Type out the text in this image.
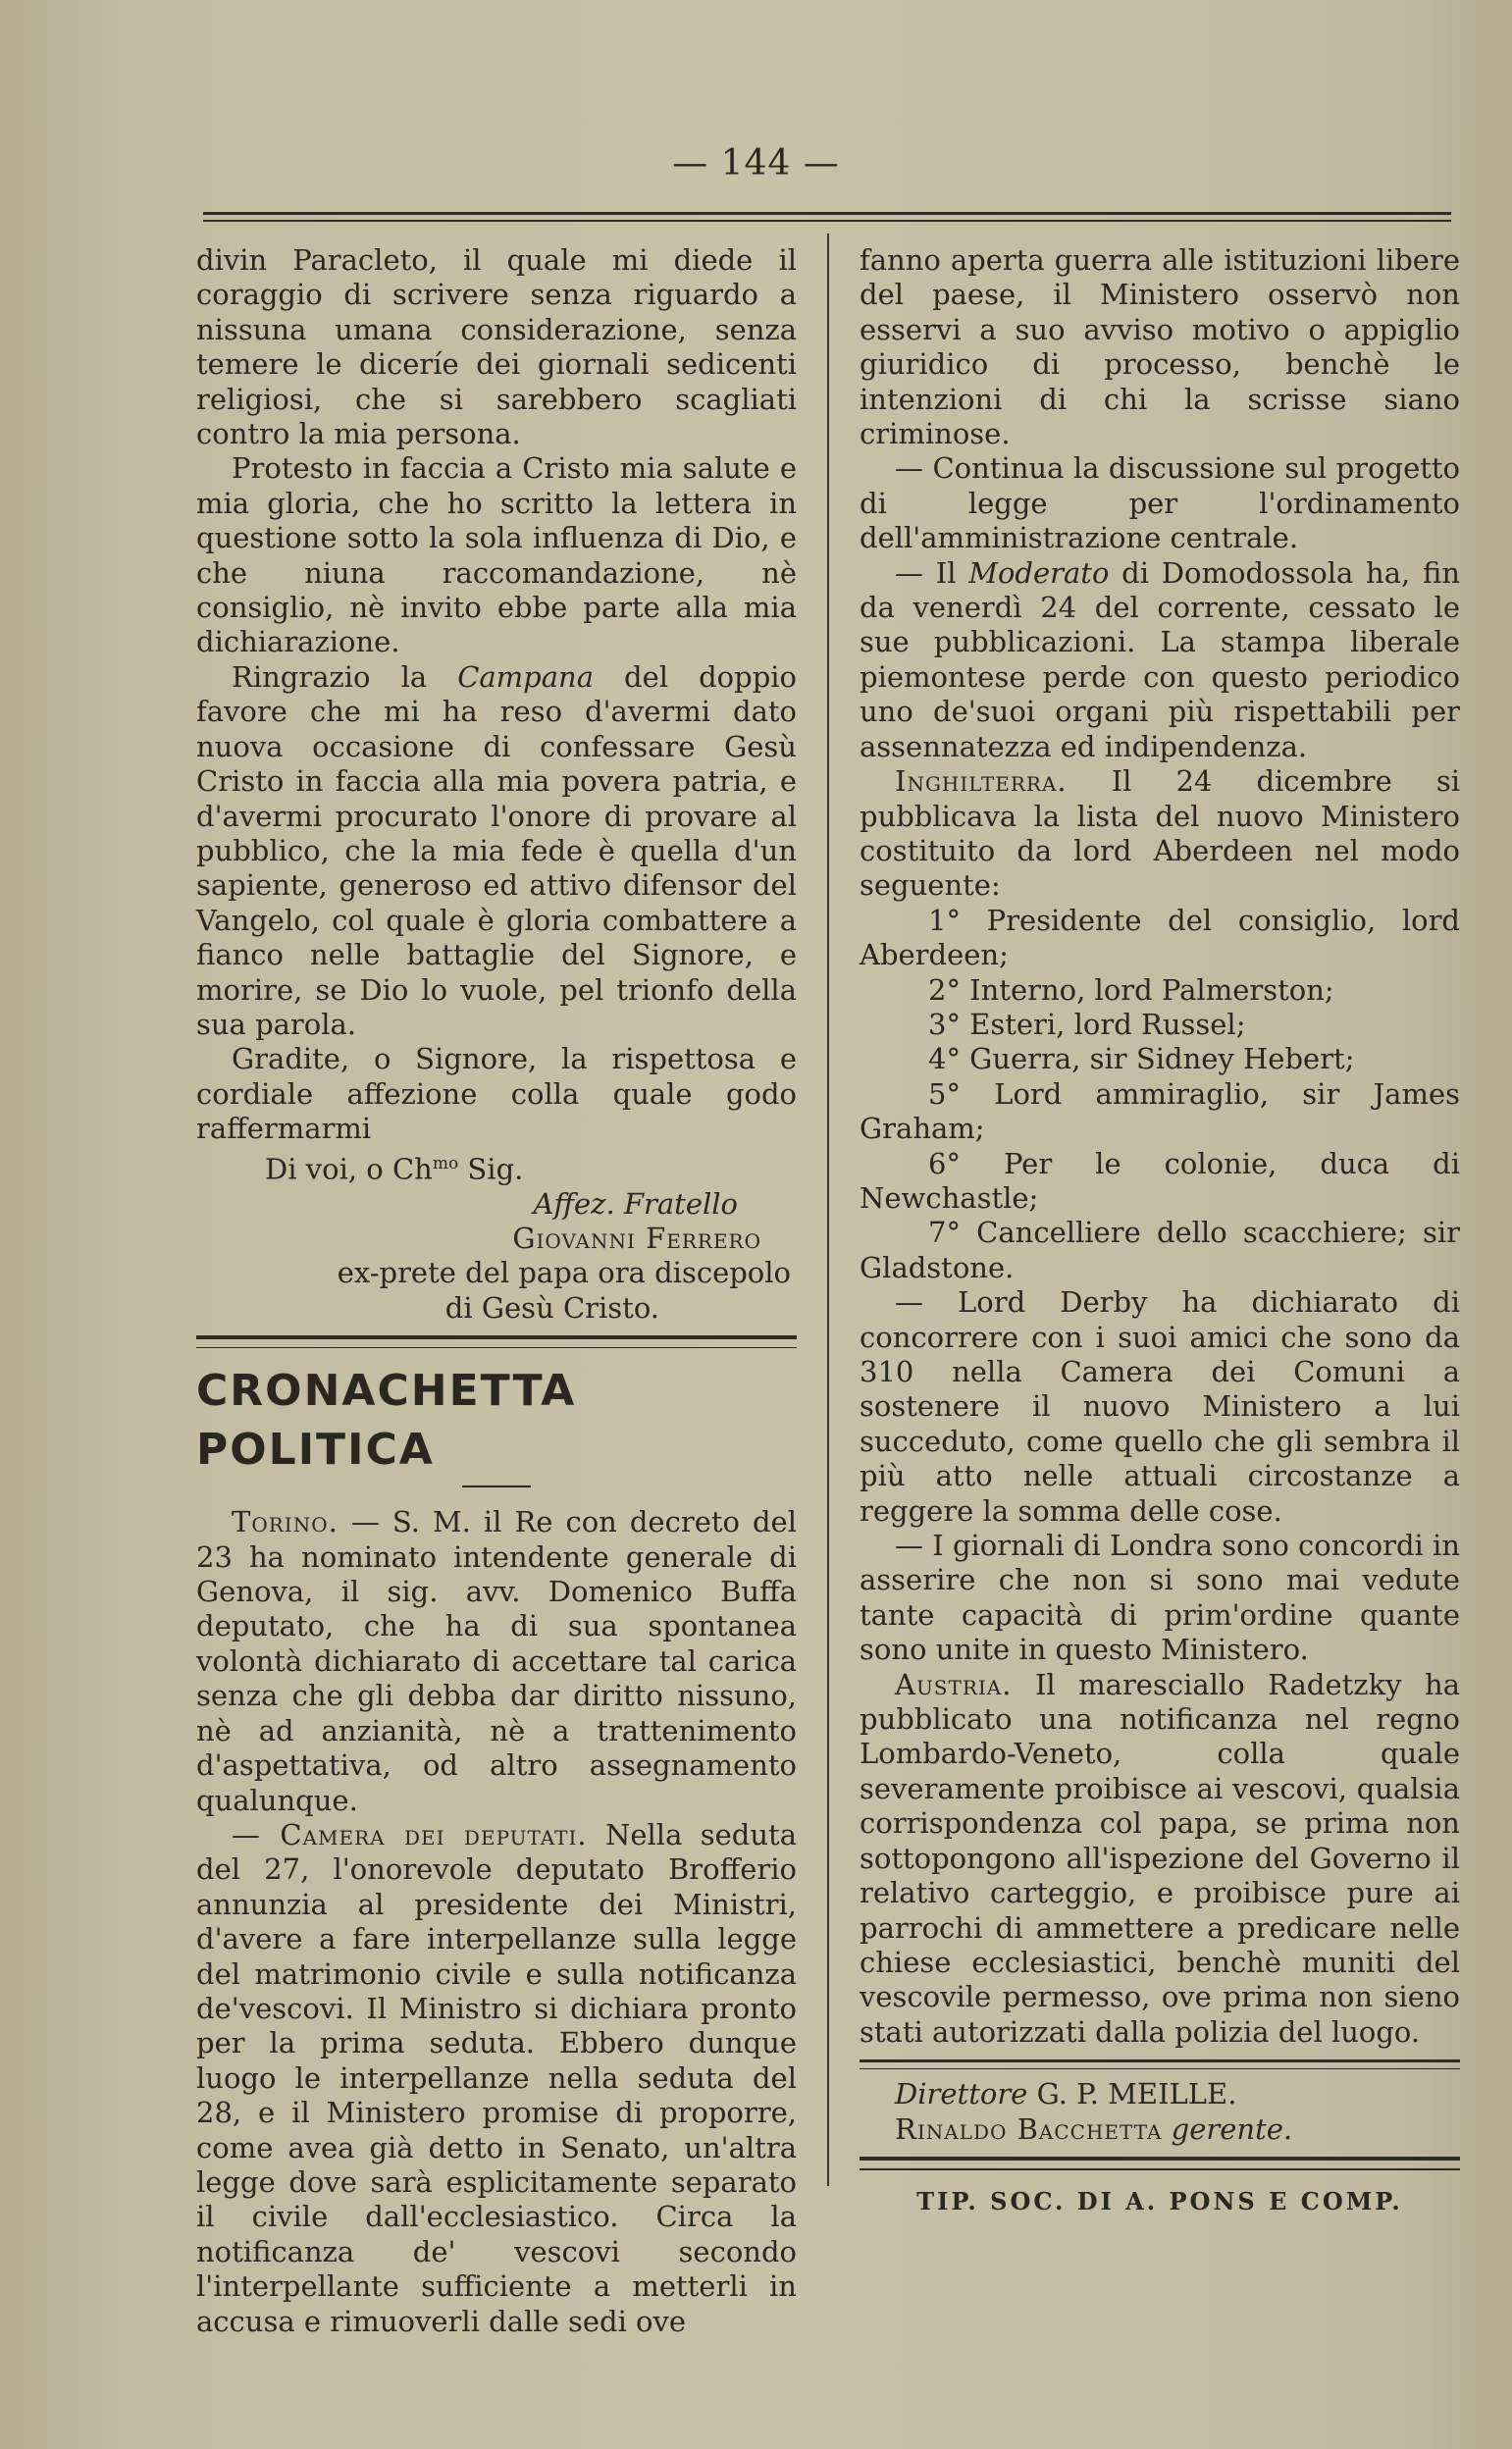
— 144 —

divin Paracleto, il quale mi diede il coraggio di scrivere senza riguardo a nissuna umana considerazione, senza temere le diceríe dei giornali sedicenti religiosi, che si sarebbero scagliati contro la mia persona.

Protesto in faccia a Cristo mia salute e mia gloria, che ho scritto la lettera in questione sotto la sola influenza di Dio, e che niuna raccomandazione, nè consiglio, nè invito ebbe parte alla mia dichiarazione.

Ringrazio la Campana del doppio favore che mi ha reso d'avermi dato nuova occasione di confessare Gesù Cristo in faccia alla mia povera patria, e d'avermi procurato l'onore di provare al pubblico, che la mia fede è quella d'un sapiente, generoso ed attivo difensor del Vangelo, col quale è gloria combattere a fianco nelle battaglie del Signore, e morire, se Dio lo vuole, pel trionfo della sua parola.

Gradite, o Signore, la rispettosa e cordiale affezione colla quale godo raffermarmi

Di voi, o $Ch^{mo}$ Sig.

Affez. Fratello

Giovanni Ferrero

ex-prete del papa ora discepolo

di Gesù Cristo.

CRONACHETTA POLITICA

Torino. — S. M. il Re con decreto del 23 ha nominato intendente generale di Genova, il sig. avv. Domenico Buffa deputato, che ha di sua spontanea volontà dichiarato di accettare tal carica senza che gli debba dar diritto nissuno, nè ad anzianità, nè a trattenimento d'aspettativa, od altro assegnamento qualunque.

— Camera dei deputati. Nella seduta del 27, l'onorevole deputato Brofferio annunzia al presidente dei Ministri, d'avere a fare interpellanze sulla legge del matrimonio civile e sulla notificanza de'vescovi. Il Ministro si dichiara pronto per la prima seduta. Ebbero dunque luogo le interpellanze nella seduta del 28, e il Ministero promise di proporre, come avea già detto in Senato, un'altra legge dove sarà esplicitamente separato il civile dall'ecclesiastico. Circa la notificanza de' vescovi secondo l'interpellante sufficiente a metterli in accusa e rimuoverli dalle sedi ove

fanno aperta guerra alle istituzioni libere del paese, il Ministero osservò non esservi a suo avviso motivo o appiglio giuridico di processo, benchè le intenzioni di chi la scrisse siano criminose.

— Continua la discussione sul progetto di legge per l'ordinamento dell'amministrazione centrale.

— Il Moderato di Domodossola ha, fin da venerdì 24 del corrente, cessato le sue pubblicazioni. La stampa liberale piemontese perde con questo periodico uno de'suoi organi più rispettabili per assennatezza ed indipendenza.

Inghilterra. Il 24 dicembre si pubblicava la lista del nuovo Ministero costituito da lord Aberdeen nel modo seguente:

1° Presidente del consiglio, lord Aberdeen;

2° Interno, lord Palmerston;

3° Esteri, lord Russel;

4° Guerra, sir Sidney Hebert;

5° Lord ammiraglio, sir James Graham;

6° Per le colonie, duca di Newchastle;

7° Cancelliere dello scacchiere; sir Gladstone.

— Lord Derby ha dichiarato di concorrere con i suoi amici che sono da 310 nella Camera dei Comuni a sostenere il nuovo Ministero a lui succeduto, come quello che gli sembra il più atto nelle attuali circostanze a reggere la somma delle cose.

— I giornali di Londra sono concordi in asserire che non si sono mai vedute tante capacità di prim'ordine quante sono unite in questo Ministero.

Austria. Il maresciallo Radetzky ha pubblicato una notificanza nel regno Lombardo-Veneto, colla quale severamente proibisce ai vescovi, qualsia corrispondenza col papa, se prima non sottopongono all'ispezione del Governo il relativo carteggio, e proibisce pure ai parrochi di ammettere a predicare nelle chiese ecclesiastici, benchè muniti del vescovile permesso, ove prima non sieno stati autorizzati dalla polizia del luogo.

Direttore G. P. MEILLE.

Rinaldo Bacchetta gerente.

TIP. SOC. DI A. PONS E COMP.
